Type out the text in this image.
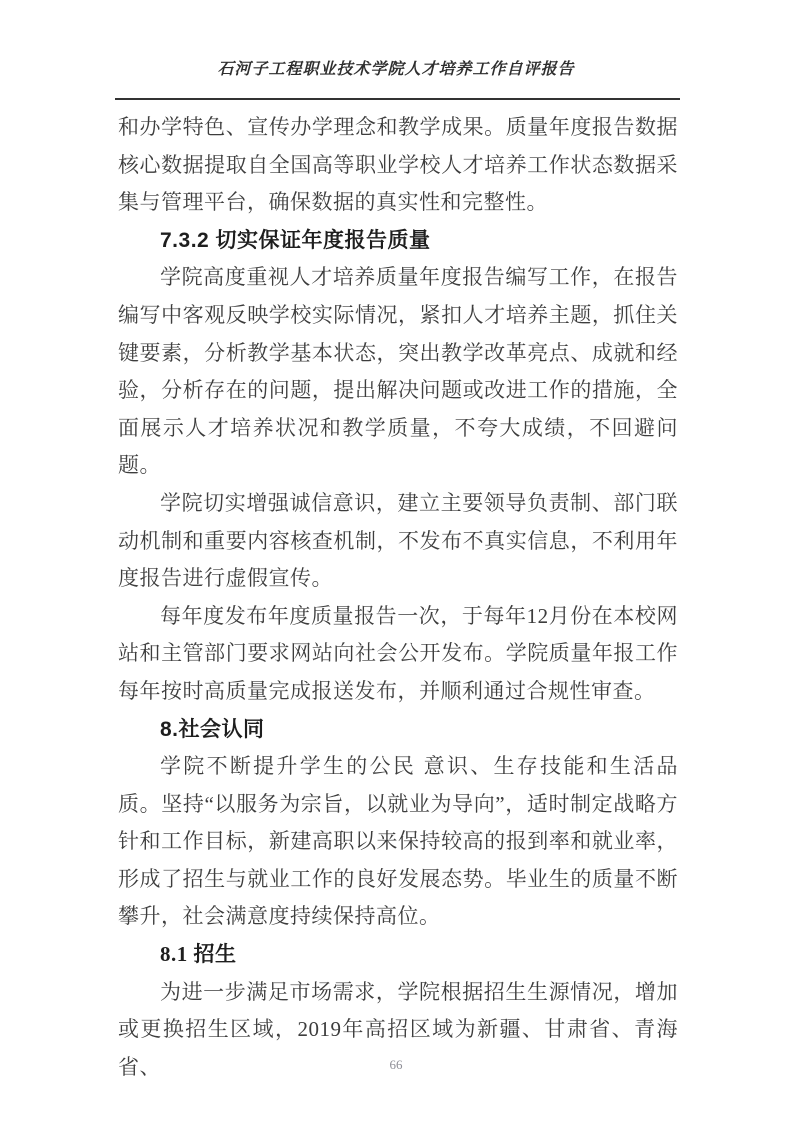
石河子工程职业技术学院人才培养工作自评报告

和办学特色、宣传办学理念和教学成果。质量年度报告数据核心数据提取自全国高等职业学校人才培养工作状态数据采集与管理平台，确保数据的真实性和完整性。

7.3.2 切实保证年度报告质量

学院高度重视人才培养质量年度报告编写工作，在报告编写中客观反映学校实际情况，紧扣人才培养主题，抓住关键要素，分析教学基本状态，突出教学改革亮点、成就和经验，分析存在的问题，提出解决问题或改进工作的措施，全面展示人才培养状况和教学质量，不夸大成绩，不回避问题。

学院切实增强诚信意识，建立主要领导负责制、部门联动机制和重要内容核查机制，不发布不真实信息，不利用年度报告进行虚假宣传。

每年度发布年度质量报告一次，于每年12月份在本校网站和主管部门要求网站向社会公开发布。学院质量年报工作每年按时高质量完成报送发布，并顺利通过合规性审查。

8.社会认同

学院不断提升学生的公民 意识、生存技能和生活品质。坚持“以服务为宗旨，以就业为导向”，适时制定战略方针和工作目标，新建高职以来保持较高的报到率和就业率，形成了招生与就业工作的良好发展态势。毕业生的质量不断攀升，社会满意度持续保持高位。

8.1 招生

为进一步满足市场需求，学院根据招生生源情况，增加或更换招生区域，2019年高招区域为新疆、甘肃省、青海省、	66
